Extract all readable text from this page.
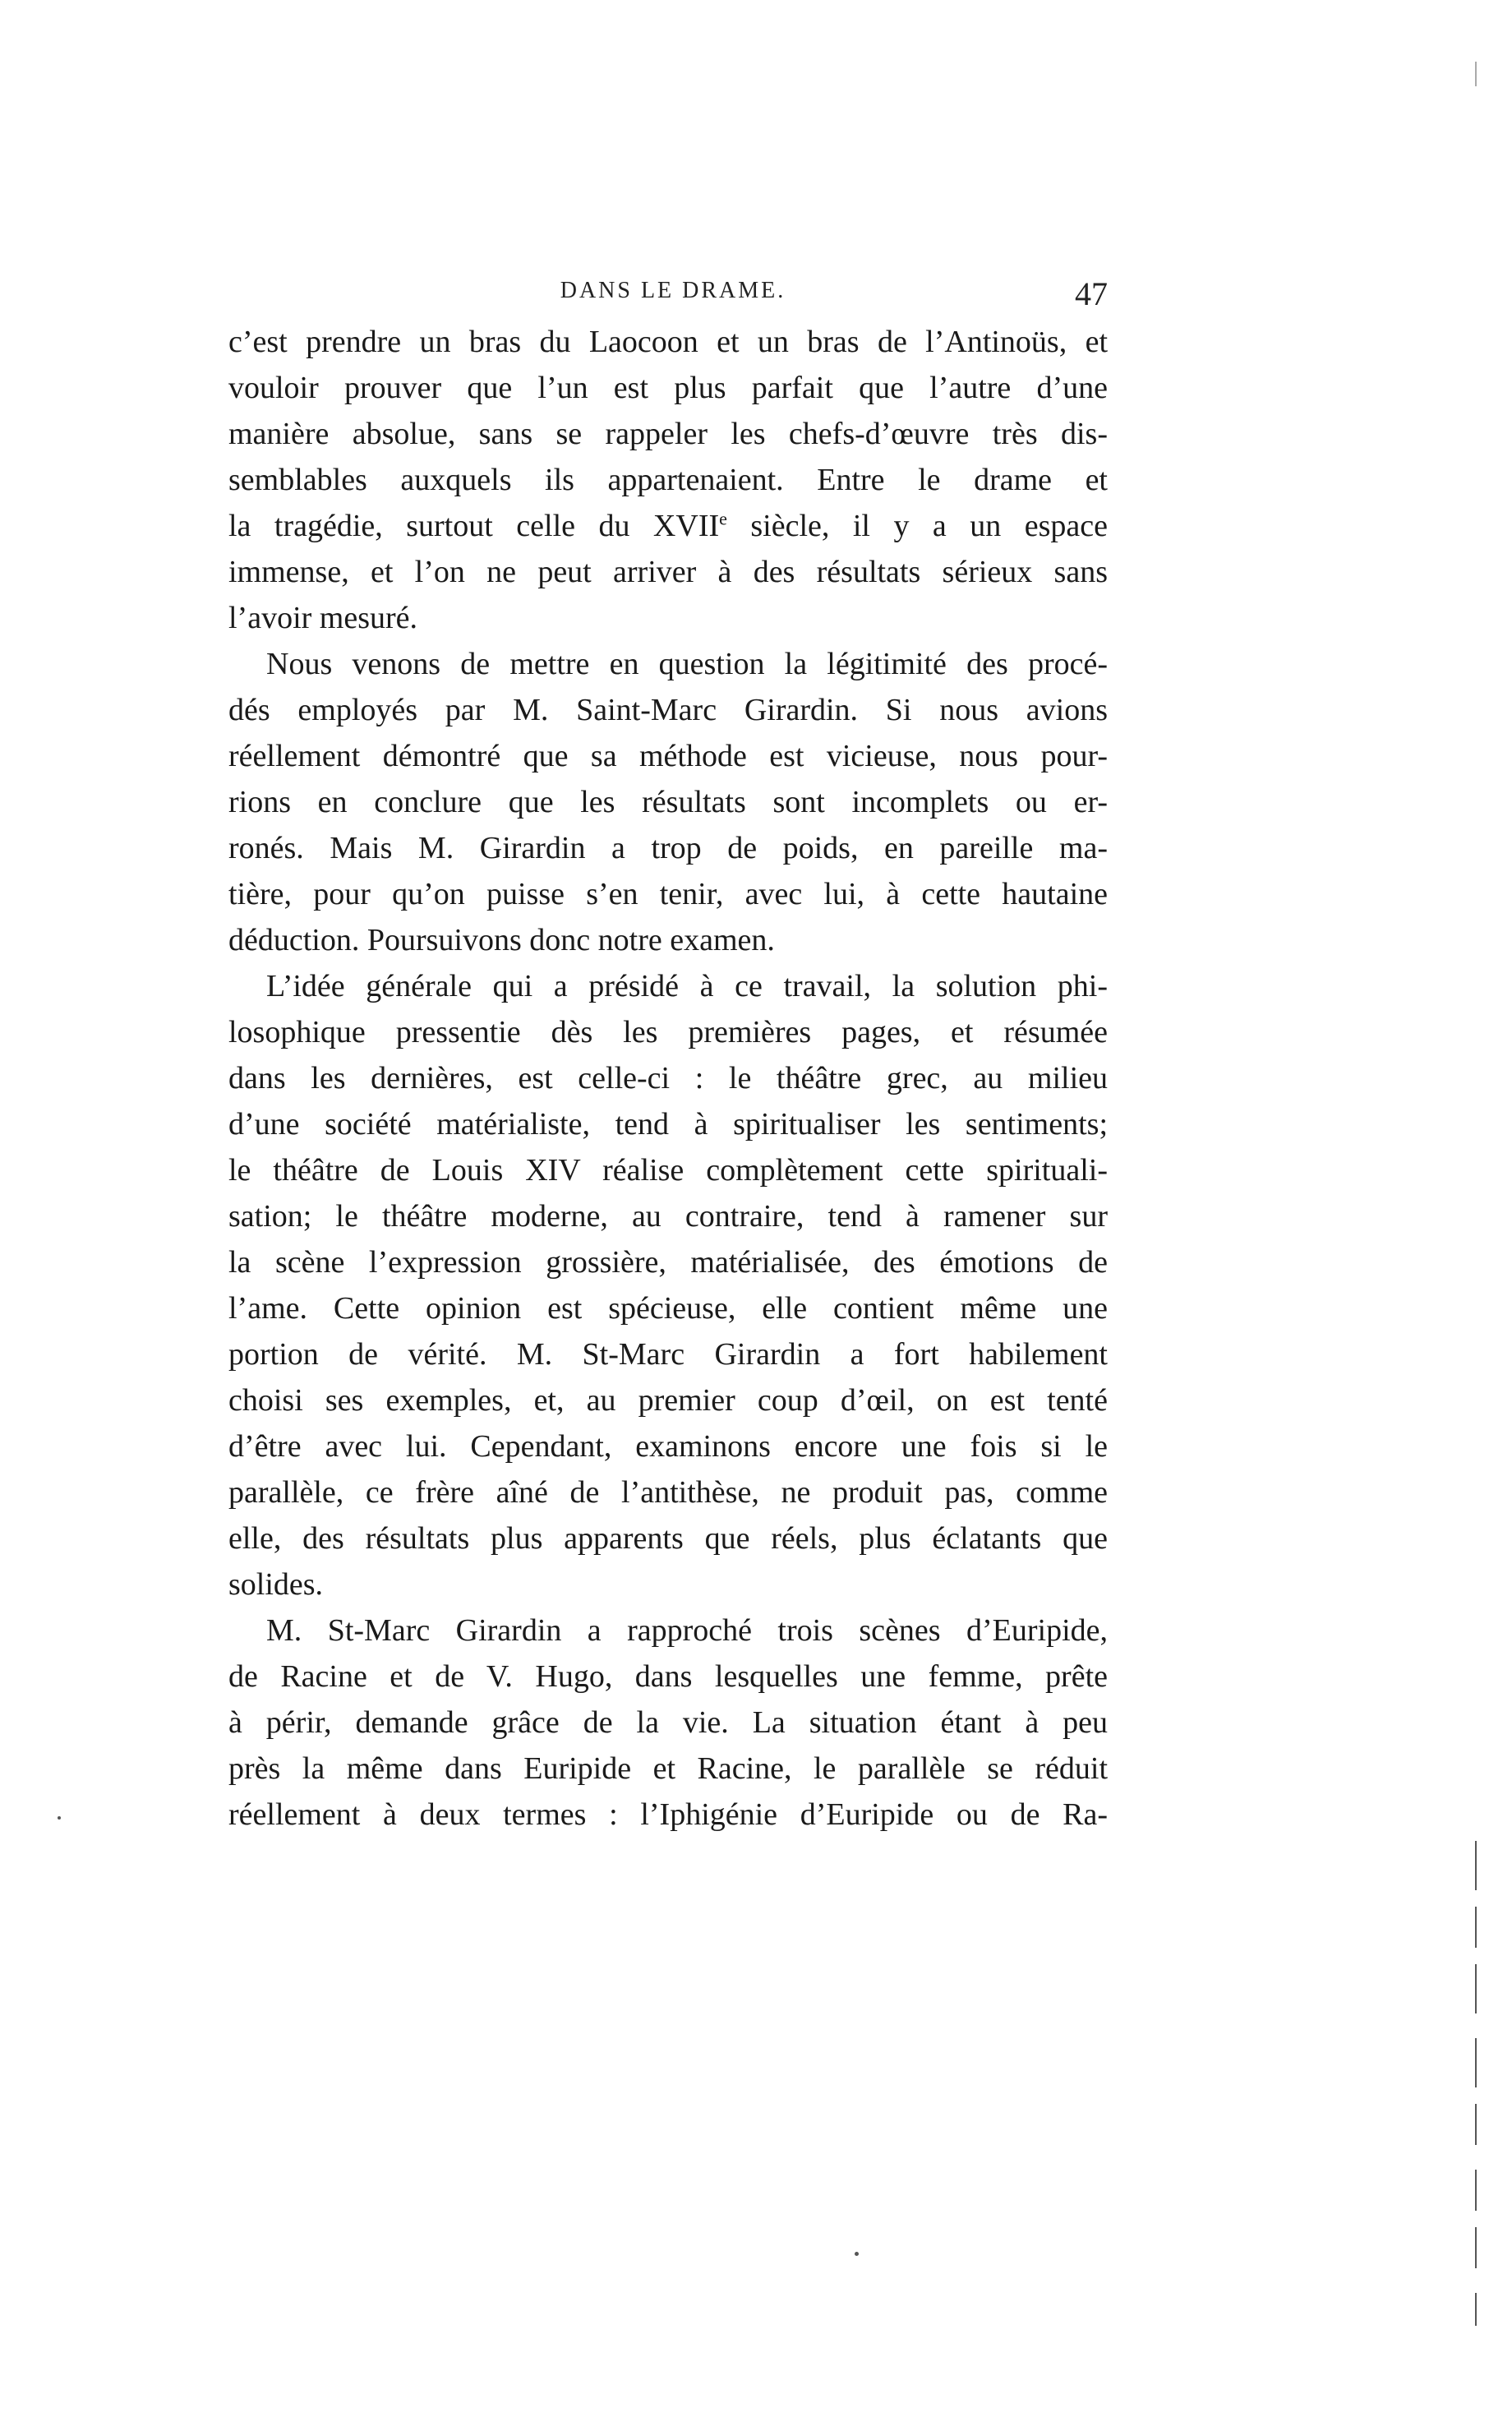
DANS LE DRAME.	47
c’est prendre un bras du Laocoon et un bras de l’Antinoüs, et
vouloir prouver que l’un est plus parfait que l’autre d’une
manière absolue, sans se rappeler les chefs-d’œuvre très dis-
semblables auxquels ils appartenaient. Entre le drame et
la tragédie, surtout celle du XVIIe siècle, il y a un espace
immense, et l’on ne peut arriver à des résultats sérieux sans
l’avoir mesuré.
Nous venons de mettre en question la légitimité des procé-
dés employés par M. Saint-Marc Girardin. Si nous avions
réellement démontré que sa méthode est vicieuse, nous pour-
rions en conclure que les résultats sont incomplets ou er-
ronés. Mais M. Girardin a trop de poids, en pareille ma-
tière, pour qu’on puisse s’en tenir, avec lui, à cette hautaine
déduction. Poursuivons donc notre examen.
L’idée générale qui a présidé à ce travail, la solution phi-
losophique pressentie dès les premières pages, et résumée
dans les dernières, est celle-ci : le théâtre grec, au milieu
d’une société matérialiste, tend à spiritualiser les sentiments;
le théâtre de Louis XIV réalise complètement cette spirituali-
sation; le théâtre moderne, au contraire, tend à ramener sur
la scène l’expression grossière, matérialisée, des émotions de
l’ame. Cette opinion est spécieuse, elle contient même une
portion de vérité. M. St-Marc Girardin a fort habilement
choisi ses exemples, et, au premier coup d’œil, on est tenté
d’être avec lui. Cependant, examinons encore une fois si le
parallèle, ce frère aîné de l’antithèse, ne produit pas, comme
elle, des résultats plus apparents que réels, plus éclatants que
solides.
M. St-Marc Girardin a rapproché trois scènes d’Euripide,
de Racine et de V. Hugo, dans lesquelles une femme, prête
à périr, demande grâce de la vie. La situation étant à peu
près la même dans Euripide et Racine, le parallèle se réduit
réellement à deux termes : l’Iphigénie d’Euripide ou de Ra-
